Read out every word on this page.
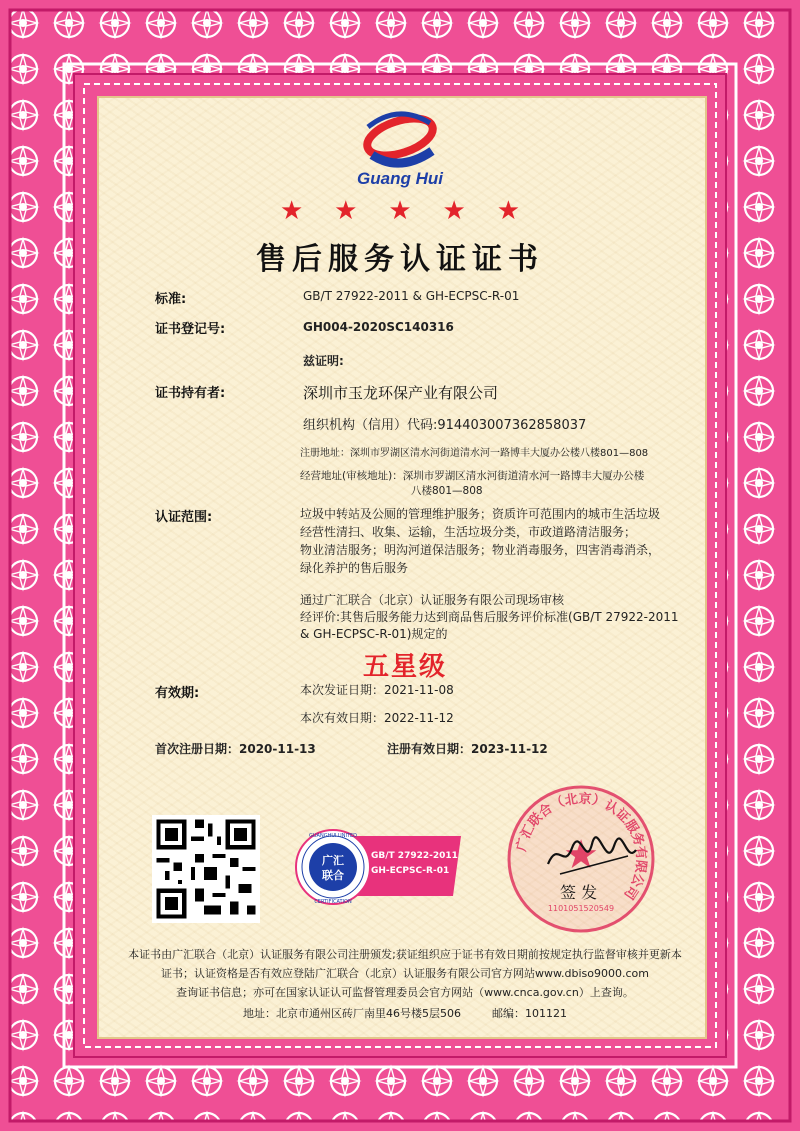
Guang Hui
★ ★ ★ ★ ★
售后服务认证证书
标准:	GB/T 27922-2011 & GH-ECPSC-R-01
证书登记号:	GH004-2020SC140316
兹证明:
证书持有者:	深圳市玉龙环保产业有限公司
组织机构（信用）代码:914403007362858037
注册地址：深圳市罗湖区清水河街道清水河一路博丰大厦办公楼八楼801—808
经营地址(审核地址)：深圳市罗湖区清水河街道清水河一路博丰大厦办公楼
八楼801—808
认证范围:	垃圾中转站及公厕的管理维护服务；资质许可范围内的城市生活垃圾
经营性清扫、收集、运输，生活垃圾分类，市政道路清洁服务；
物业清洁服务；明沟河道保洁服务；物业消毒服务，四害消毒消杀，
绿化养护的售后服务
通过广汇联合（北京）认证服务有限公司现场审核
经评价:其售后服务能力达到商品售后服务评价标准(GB/T 27922-2011
& GH-ECPSC-R-01)规定的
五星级
有效期:	本次发证日期：2021-11-08
本次有效日期：2022-11-12
首次注册日期：2020-11-13	注册有效日期：2023-11-12
广汇
联合
GUANGHUI UNITED
CERTIFICATION
GB/T 27922-2011
GH-ECPSC-R-01
广汇联合（北京）认证服务有限公司
★
1101051520549
签 发
本证书由广汇联合（北京）认证服务有限公司注册颁发;获证组织应于证书有效日期前按规定执行监督审核并更新本
证书；认证资格是否有效应登陆广汇联合（北京）认证服务有限公司官方网站www.dbiso9000.com
查询证书信息；亦可在国家认证认可监督管理委员会官方网站（www.cnca.gov.cn）上查询。
地址：北京市通州区砖厂南里46号楼5层506	邮编：101121
